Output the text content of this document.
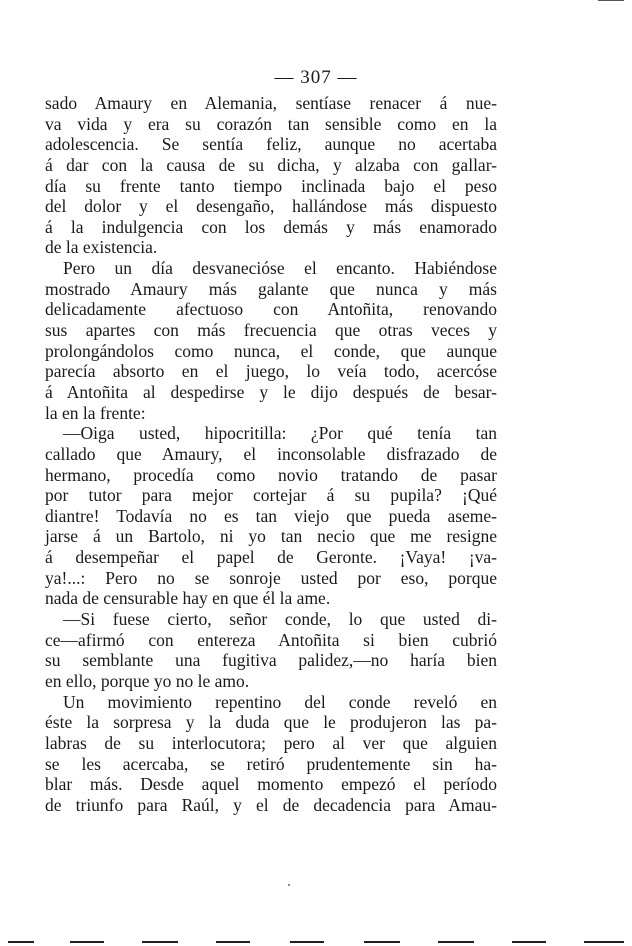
— 307 —
sado Amaury en Alemania, sentíase renacer á nue-
va vida y era su corazón tan sensible como en la
adolescencia. Se sentía feliz, aunque no acertaba
á dar con la causa de su dicha, y alzaba con gallar-
día su frente tanto tiempo inclinada bajo el peso
del dolor y el desengaño, hallándose más dispuesto
á la indulgencia con los demás y más enamorado
de la existencia.
Pero un día desvanecióse el encanto. Habiéndose
mostrado Amaury más galante que nunca y más
delicadamente afectuoso con Antoñita, renovando
sus apartes con más frecuencia que otras veces y
prolongándolos como nunca, el conde, que aunque
parecía absorto en el juego, lo veía todo, acercóse
á Antoñita al despedirse y le dijo después de besar-
la en la frente:
—Oiga usted, hipocritilla: ¿Por qué tenía tan
callado que Amaury, el inconsolable disfrazado de
hermano, procedía como novio tratando de pasar
por tutor para mejor cortejar á su pupila? ¡Qué
diantre! Todavía no es tan viejo que pueda aseme-
jarse á un Bartolo, ni yo tan necio que me resigne
á desempeñar el papel de Geronte. ¡Vaya! ¡va-
ya!...: Pero no se sonroje usted por eso, porque
nada de censurable hay en que él la ame.
—Si fuese cierto, señor conde, lo que usted di-
ce—afirmó con entereza Antoñita si bien cubrió
su semblante una fugitiva palidez,—no haría bien
en ello, porque yo no le amo.
Un movimiento repentino del conde reveló en
éste la sorpresa y la duda que le produjeron las pa-
labras de su interlocutora; pero al ver que alguien
se les acercaba, se retiró prudentemente sin ha-
blar más. Desde aquel momento empezó el período
de triunfo para Raúl, y el de decadencia para Amau-
